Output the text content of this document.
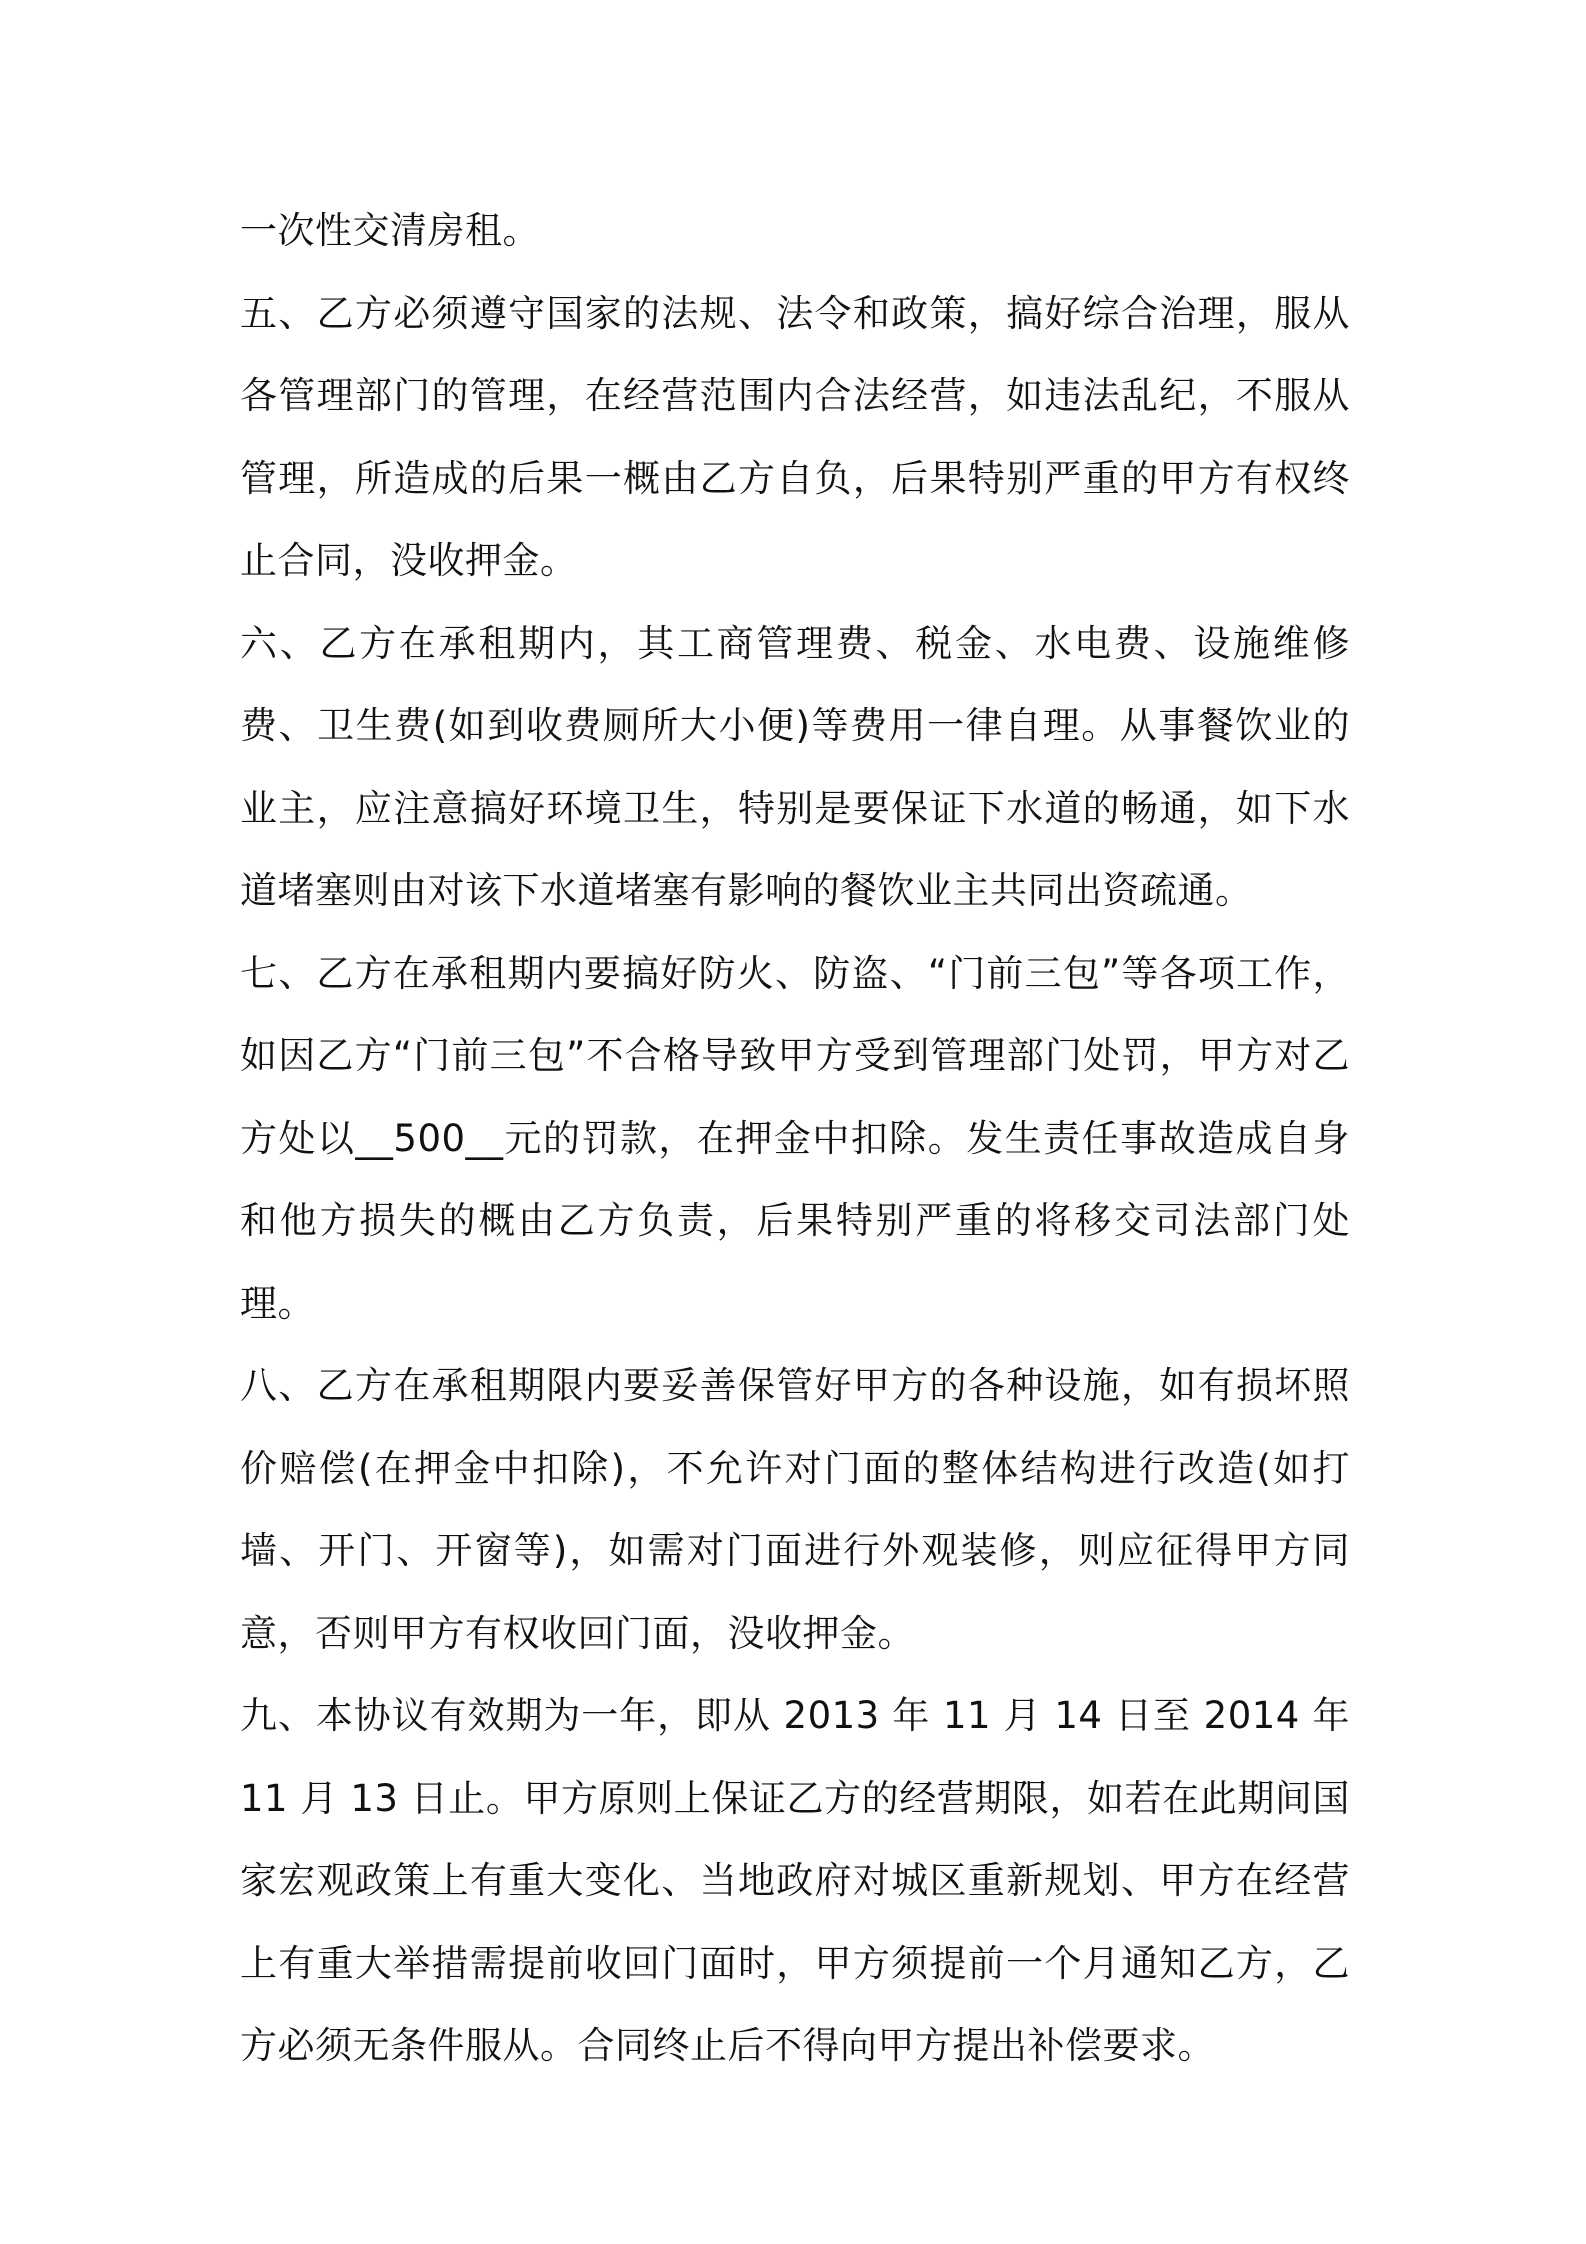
一次性交清房租。

五、乙方必须遵守国家的法规、法令和政策，搞好综合治理，服从各管理部门的管理，在经营范围内合法经营，如违法乱纪，不服从管理，所造成的后果一概由乙方自负，后果特别严重的甲方有权终止合同，没收押金。

六、乙方在承租期内，其工商管理费、税金、水电费、设施维修费、卫生费(如到收费厕所大小便)等费用一律自理。从事餐饮业的业主，应注意搞好环境卫生，特别是要保证下水道的畅通，如下水道堵塞则由对该下水道堵塞有影响的餐饮业主共同出资疏通。

七、乙方在承租期内要搞好防火、防盗、“门前三包”等各项工作，如因乙方“门前三包”不合格导致甲方受到管理部门处罚，甲方对乙方处以__500__元的罚款，在押金中扣除。发生责任事故造成自身和他方损失的概由乙方负责，后果特别严重的将移交司法部门处理。

八、乙方在承租期限内要妥善保管好甲方的各种设施，如有损坏照价赔偿(在押金中扣除)，不允许对门面的整体结构进行改造(如打墙、开门、开窗等)，如需对门面进行外观装修，则应征得甲方同意，否则甲方有权收回门面，没收押金。

九、本协议有效期为一年，即从 2013 年 11 月 14 日至 2014 年 11 月 13 日止。甲方原则上保证乙方的经营期限，如若在此期间国家宏观政策上有重大变化、当地政府对城区重新规划、甲方在经营上有重大举措需提前收回门面时，甲方须提前一个月通知乙方，乙方必须无条件服从。合同终止后不得向甲方提出补偿要求。
